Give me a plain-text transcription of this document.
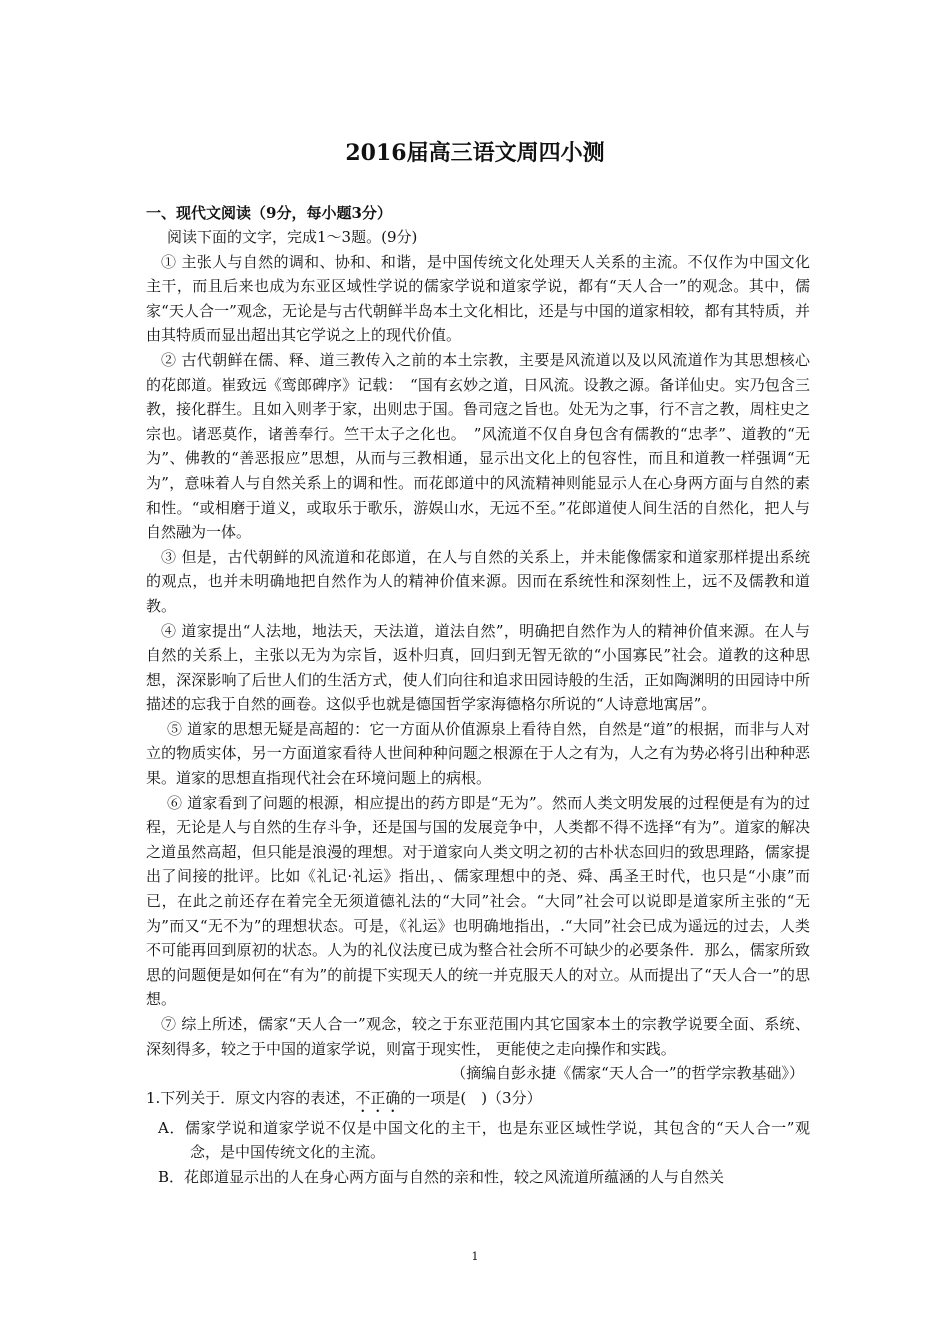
2016届高三语文周四小测
一、现代文阅读（9分，每小题3分）

阅读下面的文字，完成1～3题。(9分)

① 主张人与自然的调和、协和、和谐，是中国传统文化处理天人关系的主流。不仅作为中国文化主干，而且后来也成为东亚区域性学说的儒家学说和道家学说，都有“天人合一”的观念。其中，儒家“天人合一”观念，无论是与古代朝鲜半岛本土文化相比，还是与中国的道家相较，都有其特质，并由其特质而显出超出其它学说之上的现代价值。

② 古代朝鲜在儒、释、道三教传入之前的本土宗教，主要是风流道以及以风流道作为其思想核心的花郎道。崔致远《鸾郎碑序》记载：　“国有玄妙之道，日风流。设教之源。备详仙史。实乃包含三教，接化群生。且如入则孝于家，出则忠于国。鲁司寇之旨也。处无为之事，行不言之教，周柱史之宗也。诸恶莫作，诸善奉行。竺干太子之化也。　”风流道不仅自身包含有儒教的“忠孝”、道教的“无为”、佛教的“善恶报应”思想，从而与三教相通，显示出文化上的包容性，而且和道教一样强调“无为”，意味着人与自然关系上的调和性。而花郎道中的风流精神则能显示人在心身两方面与自然的素和性。“或相磨于道义，或取乐于歌乐，游娱山水，无远不至。”花郎道使人间生活的自然化，把人与自然融为一体。

③ 但是，古代朝鲜的风流道和花郎道，在人与自然的关系上，并未能像儒家和道家那样提出系统的观点，也并未明确地把自然作为人的精神价值来源。因而在系统性和深刻性上，远不及儒教和道教。

④ 道家提出“人法地，地法天，天法道，道法自然”，明确把自然作为人的精神价值来源。在人与自然的关系上，主张以无为为宗旨，返朴归真，回归到无智无欲的“小国寡民”社会。道教的这种思想，深深影响了后世人们的生活方式，使人们向往和追求田园诗般的生活，正如陶渊明的田园诗中所描述的忘我于自然的画卷。这似乎也就是德国哲学家海德格尔所说的“人诗意地寓居”。

⑤ 道家的思想无疑是高超的：它一方面从价值源泉上看待自然，自然是“道”的根据，而非与人对立的物质实体，另一方面道家看待人世间种种问题之根源在于人之有为，人之有为势必将引出种种恶果。道家的思想直指现代社会在环境问题上的病根。

⑥ 道家看到了问题的根源，相应提出的药方即是“无为”。然而人类文明发展的过程便是有为的过程，无论是人与自然的生存斗争，还是国与国的发展竞争中，人类都不得不选择“有为”。道家的解决之道虽然高超，但只能是浪漫的理想。对于道家向人类文明之初的古朴状态回归的致思理路，儒家提出了间接的批评。比如《礼记·礼运》指出，、儒家理想中的尧、舜、禹圣王时代，也只是“小康”而已，在此之前还存在着完全无须道德礼法的“大同”社会。“大同”社会可以说即是道家所主张的“无为”而又“无不为”的理想状态。可是，《礼运》也明确地指出，.“大同”社会已成为遥远的过去，人类不可能再回到原初的状态。人为的礼仪法度已成为整合社会所不可缺少的必要条件．那么，儒家所致思的问题便是如何在“有为”的前提下实现天人的统一并克服天人的对立。从而提出了“天人合一”的思想。

⑦ 综上所述，儒家“天人合一”观念，较之于东亚范围内其它国家本土的宗教学说要全面、系统、深刻得多，较之于中国的道家学说，则富于现实性， 更能使之走向操作和实践。

（摘编自彭永捷《儒家“天人合一”的哲学宗教基础》）

1.下列关于．原文内容的表述，不正确的一项是(　)（3分）

A．儒家学说和道家学说不仅是中国文化的主干，也是东亚区域性学说，其包含的“天人合一”观念，是中国传统文化的主流。

B．花郎道显示出的人在身心两方面与自然的亲和性，较之风流道所蕴涵的人与自然关

1
